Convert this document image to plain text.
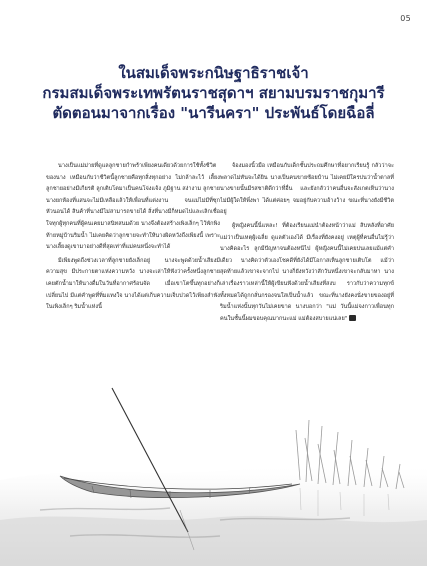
05
ในสมเด็จพระกนิษฐาธิราชเจ้า
กรมสมเด็จพระเทพรัตนราชสุดาฯ สยามบรมราชกุมารี
ตัดตอนมาจากเรื่อง "นารีนครา" ประพันธ์โดยฉือลี่

นางเป็นแม่ม่ายที่ดูแลลูกชายกำพร้าเพียงคนเดียวด้วยการใช้ทั้งชีวิตของนาง เหมือนกับว่าชีวิตนี้ลูกชายคือทุกสิ่งทุกอย่าง ไม่กล้าละไว้ เลี้ยงลูกชายอย่างมีเกียรติ ลูกเติบโตมาเป็นคนโจ่งแจ้ง ภูมิฐาน สง่างาม ลูกชายนางยกห้องที่แสนจะไม่มีเหลือแล้วให้เพื่อนที่แต่งงาน จนแม่ไม่มีที่ซุกหัวนอนได้ สินค้าที่นางมีไม่สามารถขายได้ สิ่งที่นางมีก็หมดไปและเลิกเชื่อใจทุกผู้ทุกคนที่ผู้คนเคยมาสนิทสนมด้วย นางจึงต้องสร้างเพิงเล็กๆ ไว้พักพิงท้ายหมู่บ้านริมน้ำ ไม่เคยคิดว่าลูกชายจะทำให้นางผิดหวังถึงเพียงนี้ เพราะนางเลี้ยงดูเขามาอย่างดีที่สุดเท่าที่แม่คนหนึ่งจะทำได้

มีเพียงพูดถึงช่วงเวลาที่ลูกชายยังเล็กอยู่ นางจะพูดด้วยน้ำเสียงมีความสุข มีประกายตาแห่งความหวัง นางจะเล่าให้ฟังว่าครั้งหนึ่งลูกชายเคยตักน้ำมาให้นางดื่มในวันที่อากาศร้อนจัด เมื่อเขาโตขึ้นทุกอย่างก็เปลี่ยนไป มีแต่คำพูดที่ทิ่มแทงใจ นางได้แต่เก็บความเจ็บปวดไว้เพียงลำพังในเพิงเล็กๆ ริมน้ำแห่งนี้

จ้องมองนิ้วมือ เหมือนกับเด็กชั้นประถมศึกษาที่อยากเรียนรู้ กลัวว่าจะพลาดไม่ทันจะได้ยิน นางเป็นคนขายซ้อยบ้าน ไม่เคยมีใครบ่นว่าน้ำตาลที่นางขายนั้นมีรสชาติดีกว่าที่อื่น และยังกลัวว่าคนอื่นจะสังเกตเห็นว่านางไม่มีผู้ใดให้พึ่งพา ได้แต่ค่อยๆ จมอยู่กับความอ้างว้าง ขณะที่นางยังมีชีวิตอยู่

ผู้หญิงคนนี้นี่แหละ! ที่ต้องเรียนแม่นำต้องหน้าว่าแม่ สิบหลังที่อาศัยแม่ว่าเป็นเหตุผู้เฉลี่ย ดูแลตัวเองได้ มีเรื่องที่ยังคงอยู่ เหตุผู้ที่คนอื่นไม่รู้ว่านางคิดอะไร ลูกมีปัญหาจนต้องหนีไป ผู้หญิงคนนี้ไม่เคยบ่นเลยแม้แต่คำเดียว นางคิดว่าตัวเองโชคดีที่ยังได้มีโอกาสเห็นลูกชายเติบโต แม้ว่าสุดท้ายแล้วเขาจะจากไป นางก็ยังหวังว่าสักวันหนึ่งเขาจะกลับมาหา นางเล่าเรื่องราวเหล่านี้ให้ผู้เขียนฟังด้วยน้ำเสียงที่สงบ ราวกับว่าความทุกข์ทั้งหมดได้ถูกกลั่นกรองจนใสเป็นน้ำแล้ว ขณะที่นางยังคงนั่งขายของอยู่ที่ริมน้ำแห่งนั้นทุกวันไม่เคยขาด นางบอกว่า "แม่ วันนี้แม่จงกาวเพื่อนทุกคนในชั้นนี้ผมขอบคุณมากนะแม่ แม่ต้องสบายแน่เลย"
